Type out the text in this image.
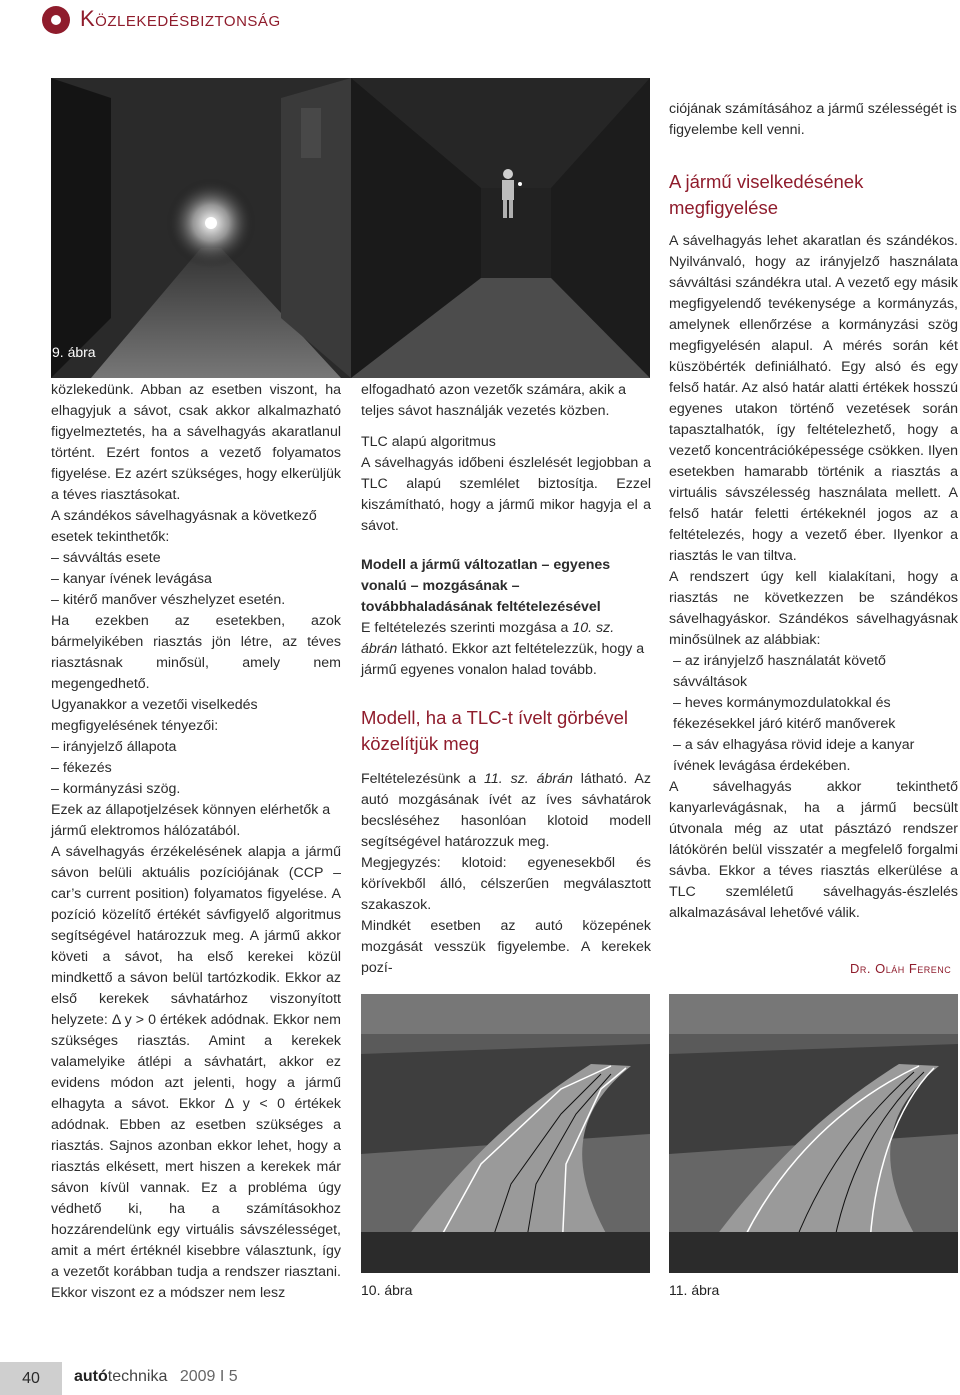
Közlekedésbiztonság
9. ábra

közlekedünk. Abban az esetben viszont, ha elhagyjuk a sávot, csak akkor alkalmazható figyelmeztetés, ha a sávelhagyás akaratlanul történt. Ezért fontos a vezető folyamatos figyelése. Ez azért szükséges, hogy elkerüljük a téves riasztásokat.

A szándékos sávelhagyásnak a következő esetek tekinthetők:

– sávváltás esete

– kanyar ívének levágása

– kitérő manőver vészhelyzet esetén.

Ha ezekben az esetekben, azok bármelyikében riasztás jön létre, az téves riasztásnak minősül, amely nem megengedhető.

Ugyanakkor a vezetői viselkedés megfigyelésének tényezői:

– irányjelző állapota

– fékezés

– kormányzási szög.

Ezek az állapotjelzések könnyen elérhetők a jármű elektromos hálózatából.

A sávelhagyás érzékelésének alapja a jármű sávon belüli aktuális pozíciójának (CCP – car’s current position) folyamatos figyelése. A pozíció közelítő értékét sávfigyelő algoritmus segítségével határozzuk meg. A jármű akkor követi a sávot, ha első kerekei közül mindkettő a sávon belül tartózkodik. Ekkor az első kerekek sávhatárhoz viszonyított helyzete: Δ y > 0 értékek adódnak. Ekkor nem szükséges riasztás. Amint a kerekek valamelyike átlépi a sávhatárt, akkor ez evidens módon azt jelenti, hogy a jármű elhagyta a sávot. Ekkor Δ y < 0 értékek adódnak. Ebben az esetben szükséges a riasztás. Sajnos azonban ekkor lehet, hogy a riasztás elkésett, mert hiszen a kerekek már sávon kívül vannak. Ez a probléma úgy védhető ki, ha a számításokhoz hozzárendelünk egy virtuális sávszélességet, amit a mért értéknél kisebbre választunk, így a vezetőt korábban tudja a rendszer riasztani. Ekkor viszont ez a módszer nem lesz

elfogadható azon vezetők számára, akik a teljes sávot használják vezetés közben.

TLC alapú algoritmus

A sávelhagyás időbeni észlelését legjobban a TLC alapú szemlélet biztosítja. Ezzel kiszámítható, hogy a jármű mikor hagyja el a sávot.

Modell a jármű változatlan – egyenes vonalú – mozgásának – továbbhaladásának feltételezésével

E feltételezés szerinti mozgása a 10. sz. ábrán látható. Ekkor azt feltételezzük, hogy a jármű egyenes vonalon halad tovább.

Modell, ha a TLC-t ívelt görbével közelítjük meg

Feltételezésünk a 11. sz. ábrán látható. Az autó mozgásának ívét az íves sávhatárok becsléséhez hasonlóan klotoid modell segítségével határozzuk meg.

Megjegyzés: klotoid: egyenesekből és körívekből álló, célszerűen megválasztott szakaszok.

Mindkét esetben az autó közepének mozgását vesszük figyelembe. A kerekek pozí-

ciójának számításához a jármű szélességét is figyelembe kell venni.

A jármű viselkedésének megfigyelése

A sávelhagyás lehet akaratlan és szándékos. Nyilvánvaló, hogy az irányjelző használata sávváltási szándékra utal. A vezető egy másik megfigyelendő tevékenysége a kormányzás, amelynek ellenőrzése a kormányzási szög megfigyelésén alapul. A mérés során két küszöbérték definiálható. Egy alsó és egy felső határ. Az alsó határ alatti értékek hosszú egyenes utakon történő vezetések során tapasztalhatók, így feltételezhető, hogy a vezető koncentrációképessége csökken. Ilyen esetekben hamarabb történik a riasztás a virtuális sávszélesség használata mellett. A felső határ feletti értékeknél jogos az a feltételezés, hogy a vezető éber. Ilyenkor a riasztás le van tiltva.

A rendszert úgy kell kialakítani, hogy a riasztás ne következzen be szándékos sávelhagyáskor. Szándékos sávelhagyásnak minősülnek az alábbiak:

– az irányjelző használatát követő sávváltások

– heves kormánymozdulatokkal és fékezésekkel járó kitérő manőverek

– a sáv elhagyása rövid ideje a kanyar ívének levágása érdekében.

A sávelhagyás akkor tekinthető kanyarlevágásnak, ha a jármű becsült útvonala még az utat pásztázó rendszer látókörén belül visszatér a megfelelő forgalmi sávba. Ekkor a téves riasztás elkerülése a TLC szemléletű sávelhagyás-észlelés alkalmazásával lehetővé válik.

Dr. Oláh Ferenc
10. ábra	11. ábra
40	autótechnika 2009 I 5
